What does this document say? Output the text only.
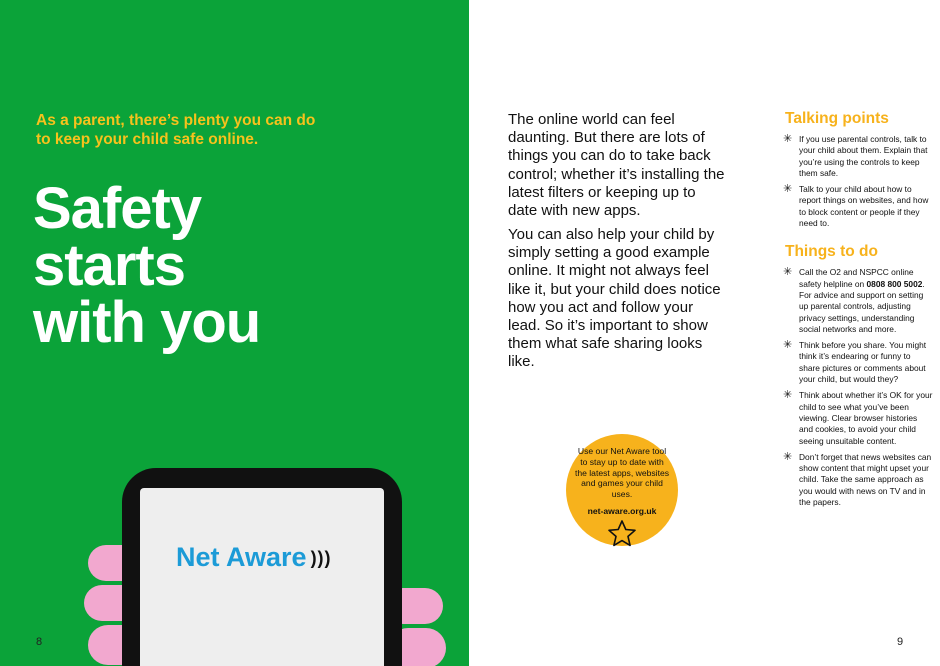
As a parent, there’s plenty you can do to keep your child safe online.
Safety
starts
with you
Net Aware )))
8
The online world can feel daunting. But there are lots of things you can do to take back control; whether it’s installing the latest filters or keeping up to date with new apps.
You can also help your child by simply setting a good example online. It might not always feel like it, but your child does notice how you act and follow your lead. So it’s important to show them what safe sharing looks like.
Use our Net Aware tool to stay up to date with the latest apps, websites and games your child uses.
net-aware.org.uk
Talking points
✳ If you use parental controls, talk to your child about them. Explain that you’re using the controls to keep them safe.
✳ Talk to your child about how to report things on websites, and how to block content or people if they need to.
Things to do
✳ Call the O2 and NSPCC online safety helpline on 0808 800 5002. For advice and support on setting up parental controls, adjusting privacy settings, understanding social networks and more.
✳ Think before you share. You might think it’s endearing or funny to share pictures or comments about your child, but would they?
✳ Think about whether it’s OK for your child to see what you’ve been viewing. Clear browser histories and cookies, to avoid your child seeing unsuitable content.
✳ Don’t forget that news websites can show content that might upset your child. Take the same approach as you would with news on TV and in the papers.
9
